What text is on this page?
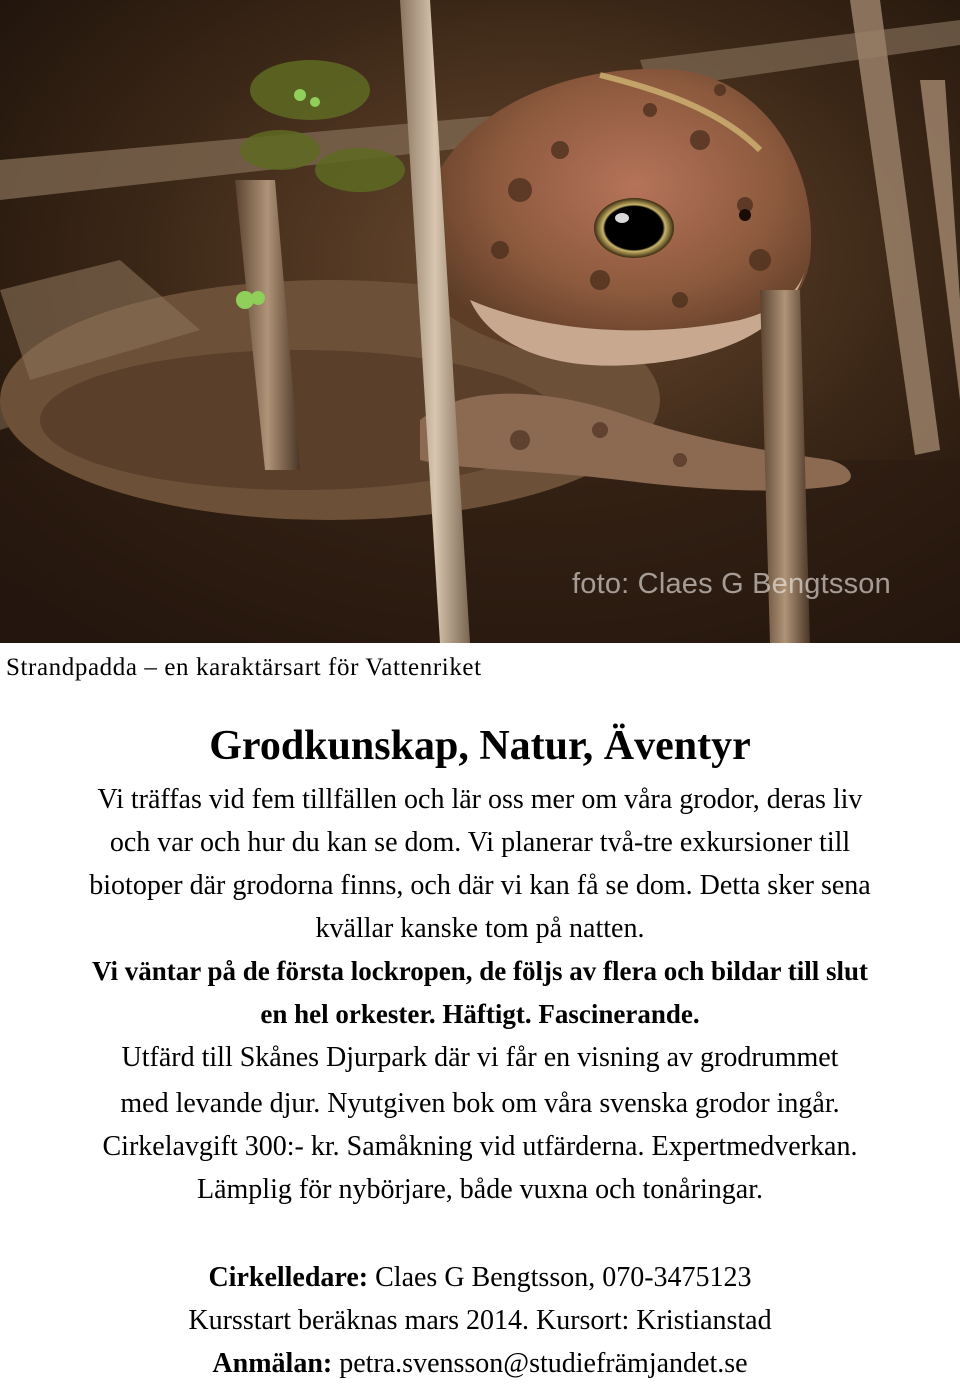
foto: Claes G Bengtsson
Strandpadda – en karaktärsart för Vattenriket
Grodkunskap, Natur, Äventyr

Vi träffas vid fem tillfällen och lär oss mer om våra grodor, deras liv

och var och hur du kan se dom. Vi planerar två-tre exkursioner till

biotoper där grodorna finns, och där vi kan få se dom. Detta sker sena

kvällar kanske tom på natten.

Vi väntar på de första lockropen, de följs av flera och bildar till slut

en hel orkester. Häftigt. Fascinerande.

Utfärd till Skånes Djurpark där vi får en visning av grodrummet

med levande djur. Nyutgiven bok om våra svenska grodor ingår.

Cirkelavgift 300:- kr. Samåkning vid utfärderna. Expertmedverkan.

Lämplig för nybörjare, både vuxna och tonåringar.

Cirkelledare: Claes G Bengtsson, 070-3475123

Kursstart beräknas mars 2014. Kursort: Kristianstad

Anmälan: petra.svensson@studiefrämjandet.se
